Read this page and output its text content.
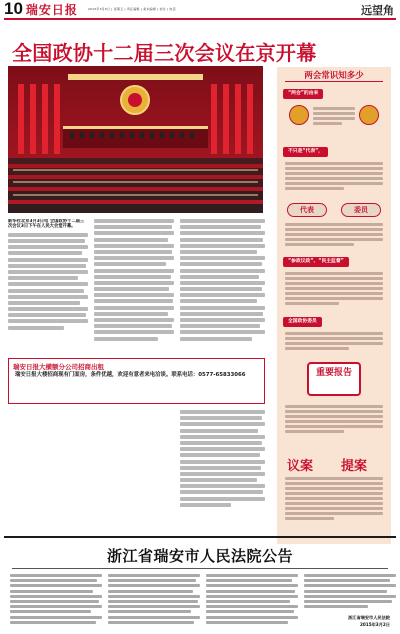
10 瑞安日报	2015年3月6日 | 星期五 | 责任编辑 | 美术编辑 | 校对 | 电话	远望角
全国政协十二届三次会议在京开幕
新华社北京3月3日电 全国政协十二届三次会议3日下午在人民大会堂开幕。
瑞安日报大横额分公司招商出租
瑞安日报大楼招商现有门面房，条件优越，欢迎有意者来电洽谈。联系电话：0577-65833066
两会常识知多少
“两会”的由来
不只是“代表”，
代表	委员
“参政议政”、“民主监督”
全国政协委员
重要报告
议案 提案
浙江省瑞安市人民法院公告
浙江省瑞安市人民法院
2015年3月2日
